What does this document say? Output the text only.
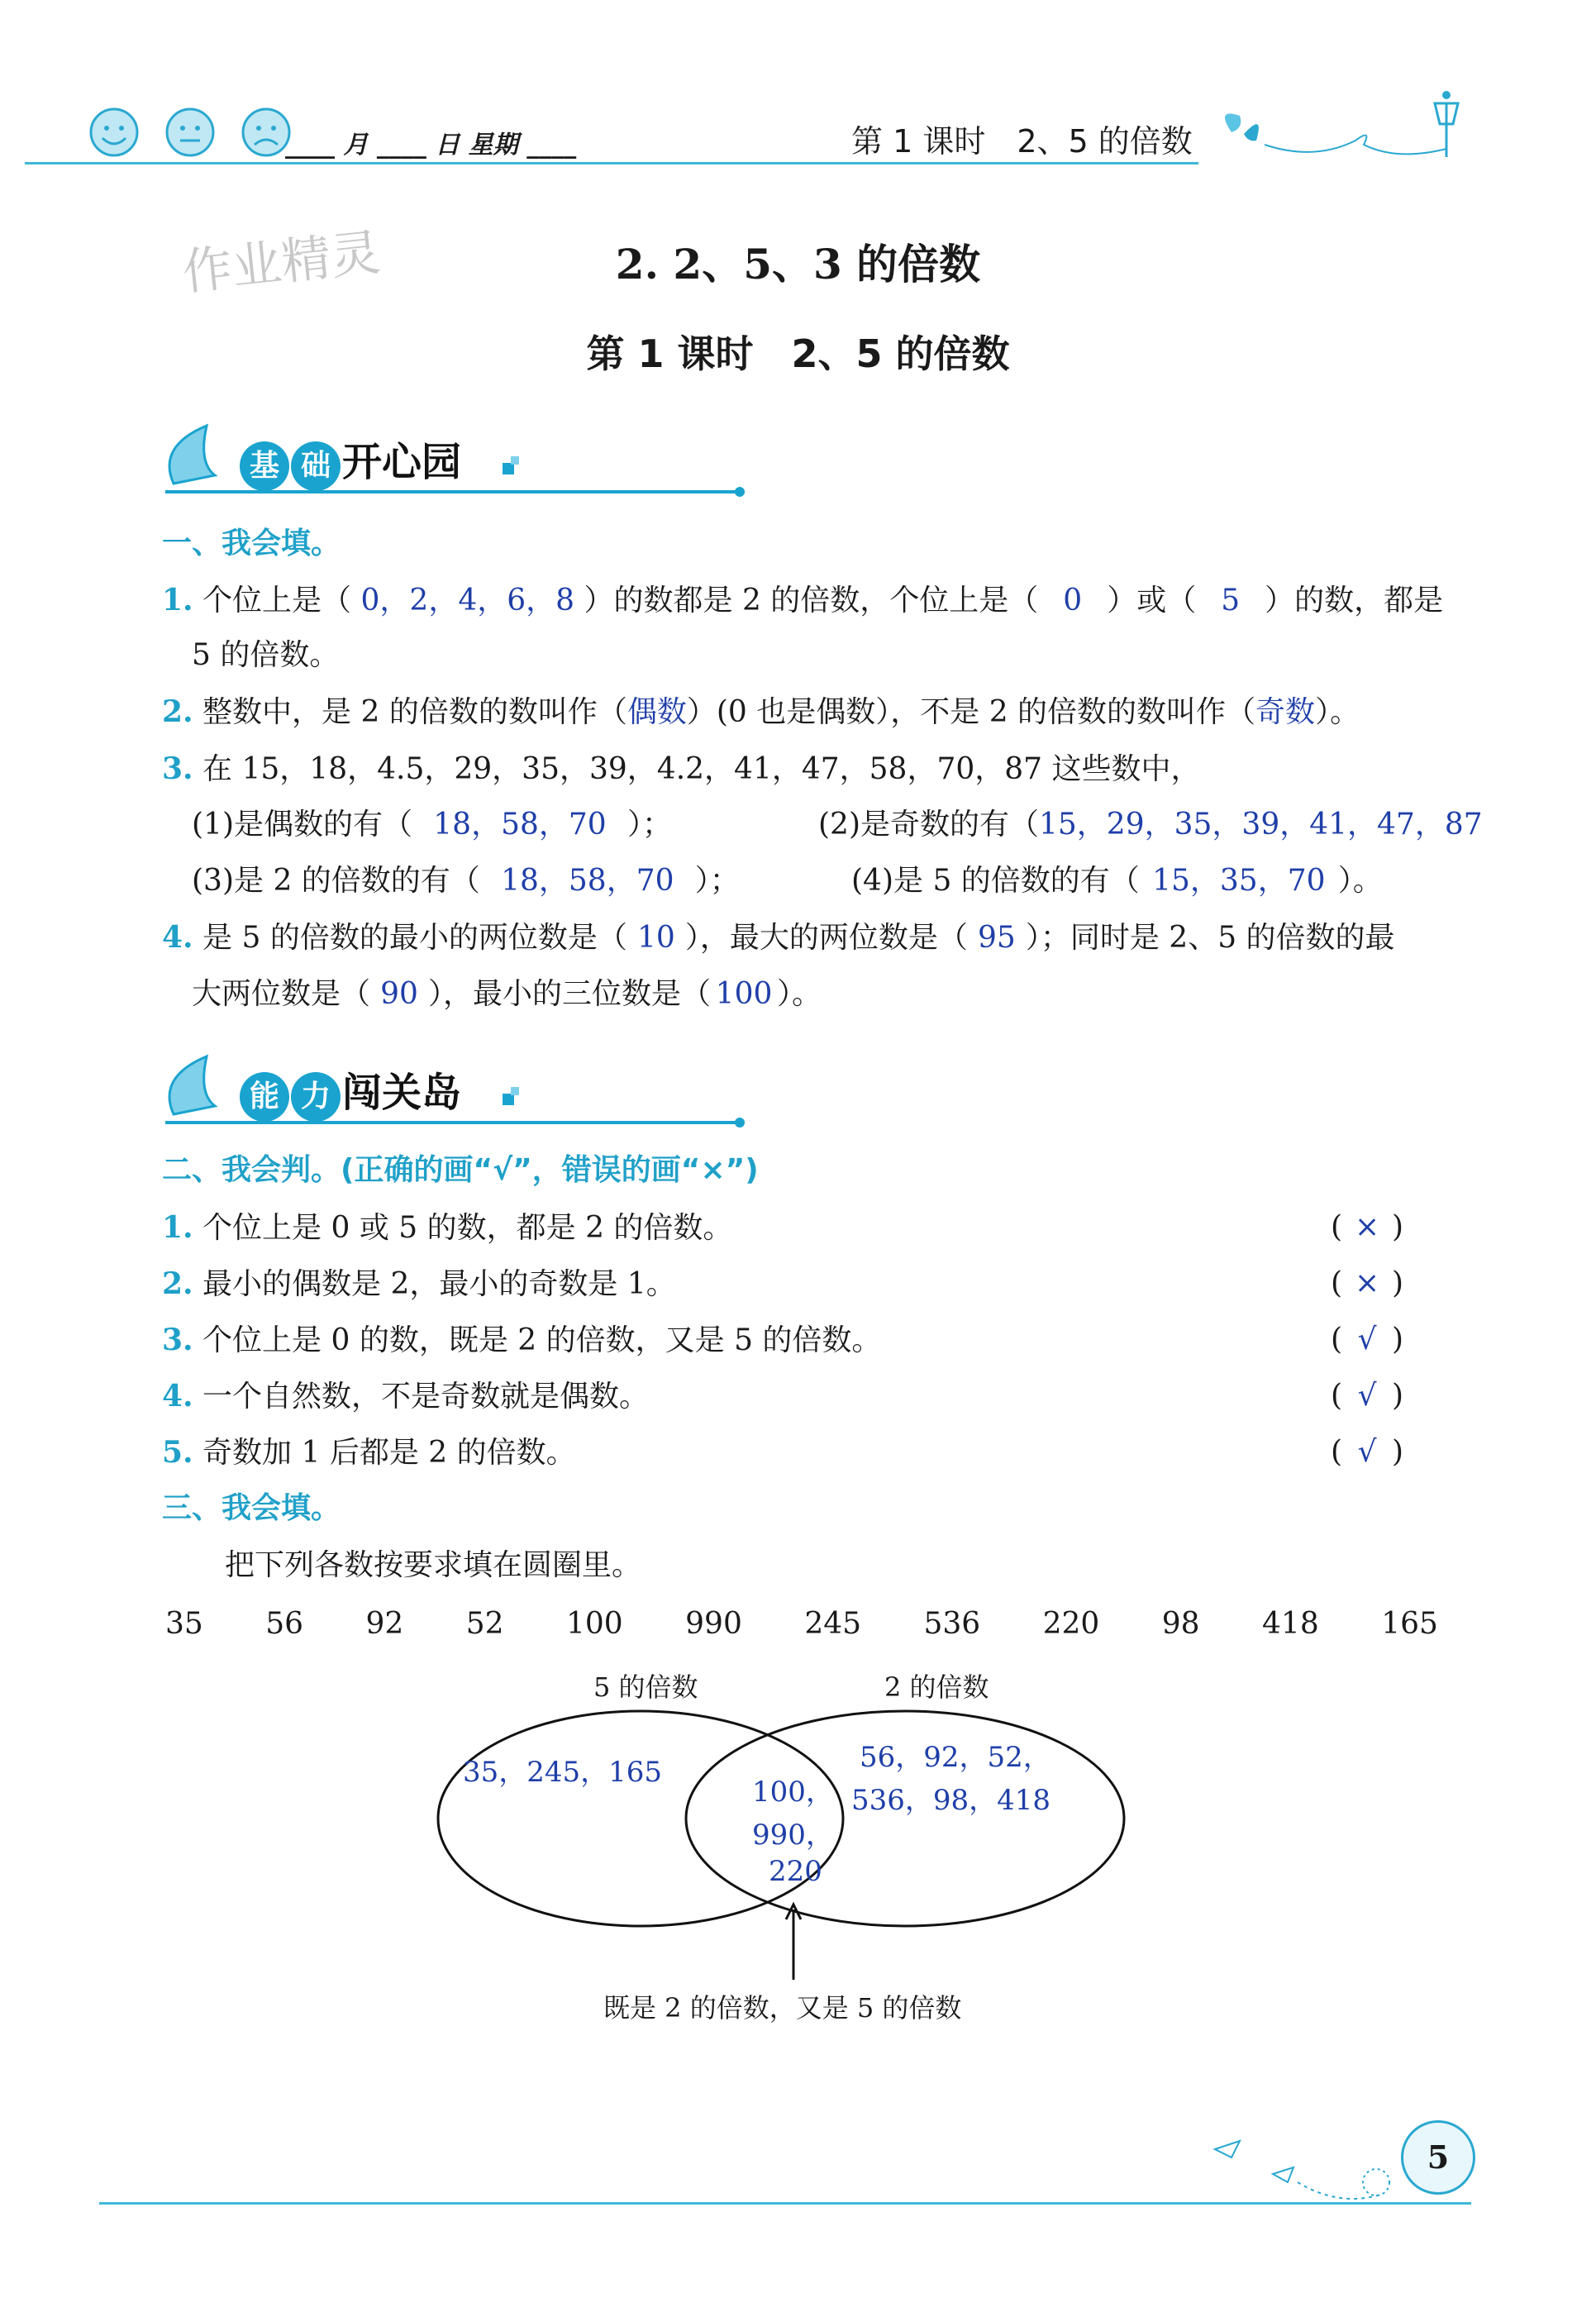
____ 月 ____ 日 星期 ____	第 1 课时　2、5 的倍数
作业精灵	2. 2、5、3 的倍数
第 1 课时　2、5 的倍数
基 础 开心园
一、我会填。
1. 个位上是（ 0，2，4，6，8 ）的数都是 2 的倍数，个位上是（ 0 ）或（ 5 ）的数，都是
5 的倍数。
2. 整数中，是 2 的倍数的数叫作（偶数）(0 也是偶数），不是 2 的倍数的数叫作（奇数）。
3. 在 15，18，4.5，29，35，39，4.2，41，47，58，70，87 这些数中，
(1)是偶数的有（ 18，58，70 ）；	(2)是奇数的有（15，29，35，39，41，47，87
(3)是 2 的倍数的有（ 18，58，70 ）；	(4)是 5 的倍数的有（ 15，35，70 ）。
4. 是 5 的倍数的最小的两位数是（ 10 ），最大的两位数是（ 95 ）；同时是 2、5 的倍数的最
大两位数是（ 90 ），最小的三位数是（ 100 ）。
能 力 闯关岛
二、我会判。(正确的画“√”，错误的画“×”)
1. 个位上是 0 或 5 的数，都是 2 的倍数。	( × )
2. 最小的偶数是 2，最小的奇数是 1。	( × )
3. 个位上是 0 的数，既是 2 的倍数，又是 5 的倍数。	( √ )
4. 一个自然数，不是奇数就是偶数。	( √ )
5. 奇数加 1 后都是 2 的倍数。	( √ )
三、我会填。
把下列各数按要求填在圆圈里。
35 56 92 52 100 990 245 536 220 98 418 165
5 的倍数	2 的倍数
35，245，165	56，92，52，
536，98，418
100，
990，
220
既是 2 的倍数，又是 5 的倍数
5
